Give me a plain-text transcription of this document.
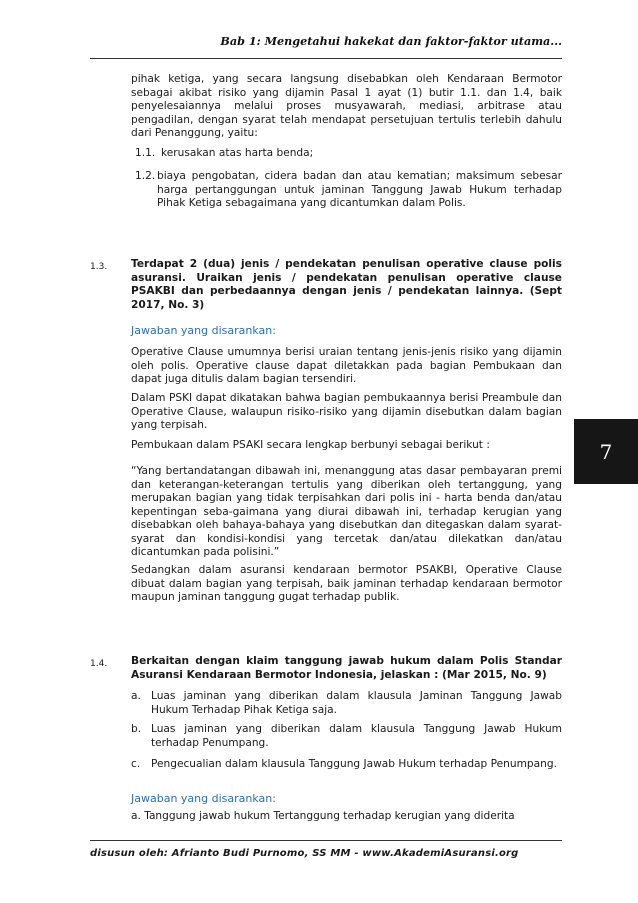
Bab 1: Mengetahui hakekat dan faktor-faktor utama...

pihak ketiga, yang secara langsung disebabkan oleh Kendaraan Bermotor sebagai akibat risiko yang dijamin Pasal 1 ayat (1) butir 1.1. dan 1.4, baik penyelesaiannya melalui proses musyawarah, mediasi, arbitrase atau pengadilan, dengan syarat telah mendapat persetujuan tertulis terlebih dahulu dari Penanggung, yaitu:

1.1. kerusakan atas harta benda;

1.2. biaya pengobatan, cidera badan dan atau kematian; maksimum sebesar harga pertanggungan untuk jaminan Tanggung Jawab Hukum terhadap Pihak Ketiga sebagaimana yang dicantumkan dalam Polis.

1.3. Terdapat 2 (dua) jenis / pendekatan penulisan operative clause polis asuransi. Uraikan jenis / pendekatan penulisan operative clause PSAKBI dan perbedaannya dengan jenis / pendekatan lainnya. (Sept 2017, No. 3)

Jawaban yang disarankan:

Operative Clause umumnya berisi uraian tentang jenis-jenis risiko yang dijamin oleh polis. Operative clause dapat diletakkan pada bagian Pembukaan dan dapat juga ditulis dalam bagian tersendiri.

Dalam PSKI dapat dikatakan bahwa bagian pembukaannya berisi Preambule dan Operative Clause, walaupun risiko-risiko yang dijamin disebutkan dalam bagian yang terpisah.

Pembukaan dalam PSAKI secara lengkap berbunyi sebagai berikut :

“Yang bertandatangan dibawah ini, menanggung atas dasar pembayaran premi dan keterangan-keterangan tertulis yang diberikan oleh tertanggung, yang merupakan bagian yang tidak terpisahkan dari polis ini - harta benda dan/atau kepentingan seba-gaimana yang diurai dibawah ini, terhadap kerugian yang disebabkan oleh bahaya-bahaya yang disebutkan dan ditegaskan dalam syarat-syarat dan kondisi-kondisi yang tercetak dan/atau dilekatkan dan/atau dicantumkan pada polisini.”

Sedangkan dalam asuransi kendaraan bermotor PSAKBI, Operative Clause dibuat dalam bagian yang terpisah, baik jaminan terhadap kendaraan bermotor maupun jaminan tanggung gugat terhadap publik.

1.4. Berkaitan dengan klaim tanggung jawab hukum dalam Polis Standar Asuransi Kendaraan Bermotor Indonesia, jelaskan : (Mar 2015, No. 9)

a. Luas jaminan yang diberikan dalam klausula Jaminan Tanggung Jawab Hukum Terhadap Pihak Ketiga saja.

b. Luas jaminan yang diberikan dalam klausula Tanggung Jawab Hukum terhadap Penumpang.

c.	Pengecualian dalam klausula Tanggung Jawab Hukum terhadap Penumpang.

Jawaban yang disarankan:

a. Tanggung jawab hukum Tertanggung terhadap kerugian yang diderita

7
disusun oleh: Afrianto Budi Purnomo, SS MM - www.AkademiAsuransi.org
